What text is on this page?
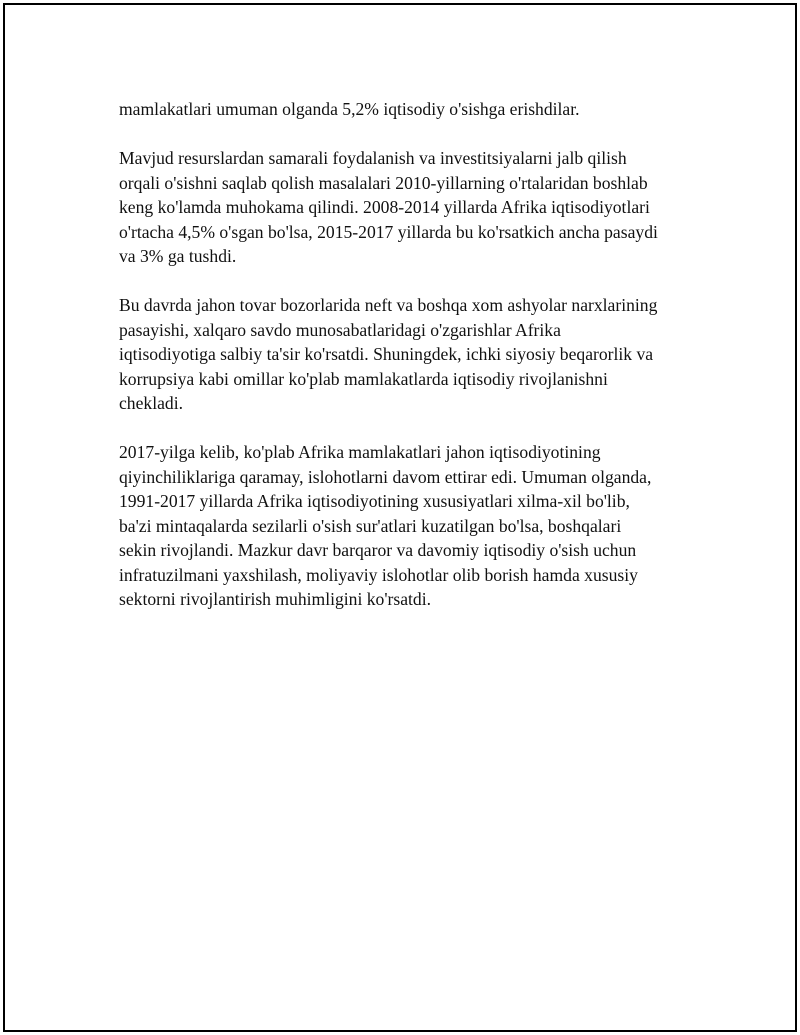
mamlakatlari umuman olganda 5,2% iqtisodiy o'sishga erishdilar.

Mavjud resurslardan samarali foydalanish va investitsiyalarni jalb qilish
orqali o'sishni saqlab qolish masalalari 2010-yillarning o'rtalaridan boshlab
keng ko'lamda muhokama qilindi. 2008-2014 yillarda Afrika iqtisodiyotlari
o'rtacha 4,5% o'sgan bo'lsa, 2015-2017 yillarda bu ko'rsatkich ancha pasaydi
va 3% ga tushdi.

Bu davrda jahon tovar bozorlarida neft va boshqa xom ashyolar narxlarining
pasayishi, xalqaro savdo munosabatlaridagi o'zgarishlar Afrika
iqtisodiyotiga salbiy ta'sir ko'rsatdi. Shuningdek, ichki siyosiy beqarorlik va
korrupsiya kabi omillar ko'plab mamlakatlarda iqtisodiy rivojlanishni
chekladi.

2017-yilga kelib, ko'plab Afrika mamlakatlari jahon iqtisodiyotining
qiyinchiliklariga qaramay, islohotlarni davom ettirar edi. Umuman olganda,
1991-2017 yillarda Afrika iqtisodiyotining xususiyatlari xilma-xil bo'lib,
ba'zi mintaqalarda sezilarli o'sish sur'atlari kuzatilgan bo'lsa, boshqalari
sekin rivojlandi. Mazkur davr barqaror va davomiy iqtisodiy o'sish uchun
infratuzilmani yaxshilash, moliyaviy islohotlar olib borish hamda xususiy
sektorni rivojlantirish muhimligini ko'rsatdi.
